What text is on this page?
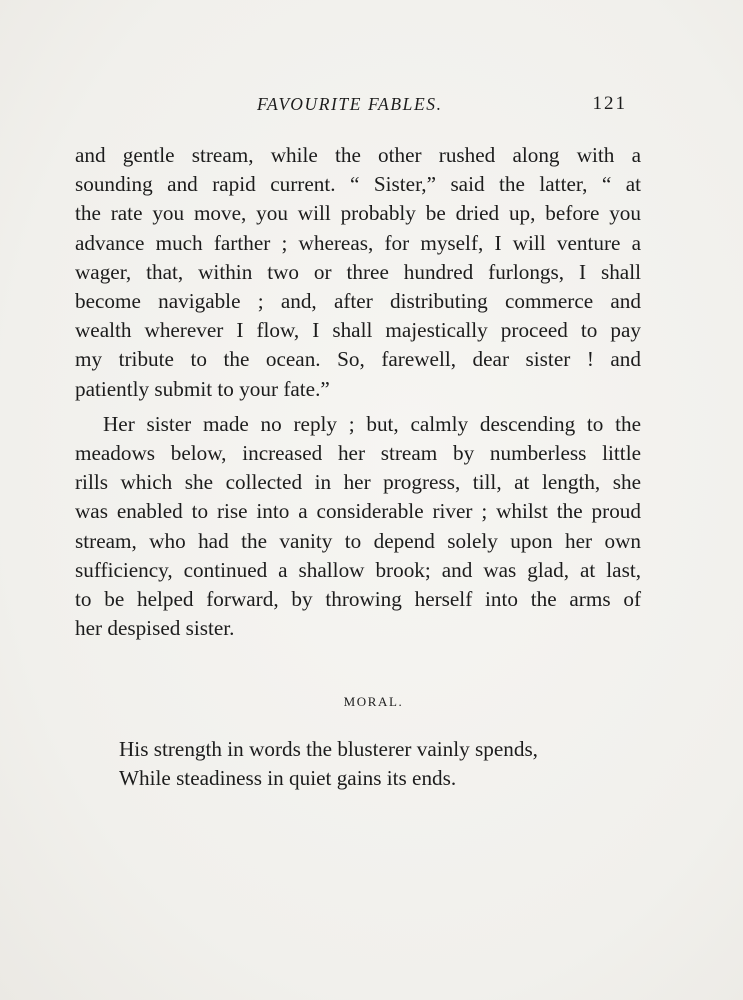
FAVOURITE FABLES.	121

and gentle stream, while the other rushed along with a

sounding and rapid current. “ Sister,” said the latter, “ at

the rate you move, you will probably be dried up, before you

advance much farther ; whereas, for myself, I will venture a

wager, that, within two or three hundred furlongs, I shall

become navigable ; and, after distributing commerce and

wealth wherever I flow, I shall majestically proceed to pay

my tribute to the ocean. So, farewell, dear sister ! and

patiently submit to your fate.”

Her sister made no reply ; but, calmly descending to the

meadows below, increased her stream by numberless little

rills which she collected in her progress, till, at length, she

was enabled to rise into a considerable river ; whilst the proud

stream, who had the vanity to depend solely upon her own

sufficiency, continued a shallow brook; and was glad, at last,

to be helped forward, by throwing herself into the arms of

her despised sister.

MORAL.
His strength in words the blusterer vainly spends,
While steadiness in quiet gains its ends.
